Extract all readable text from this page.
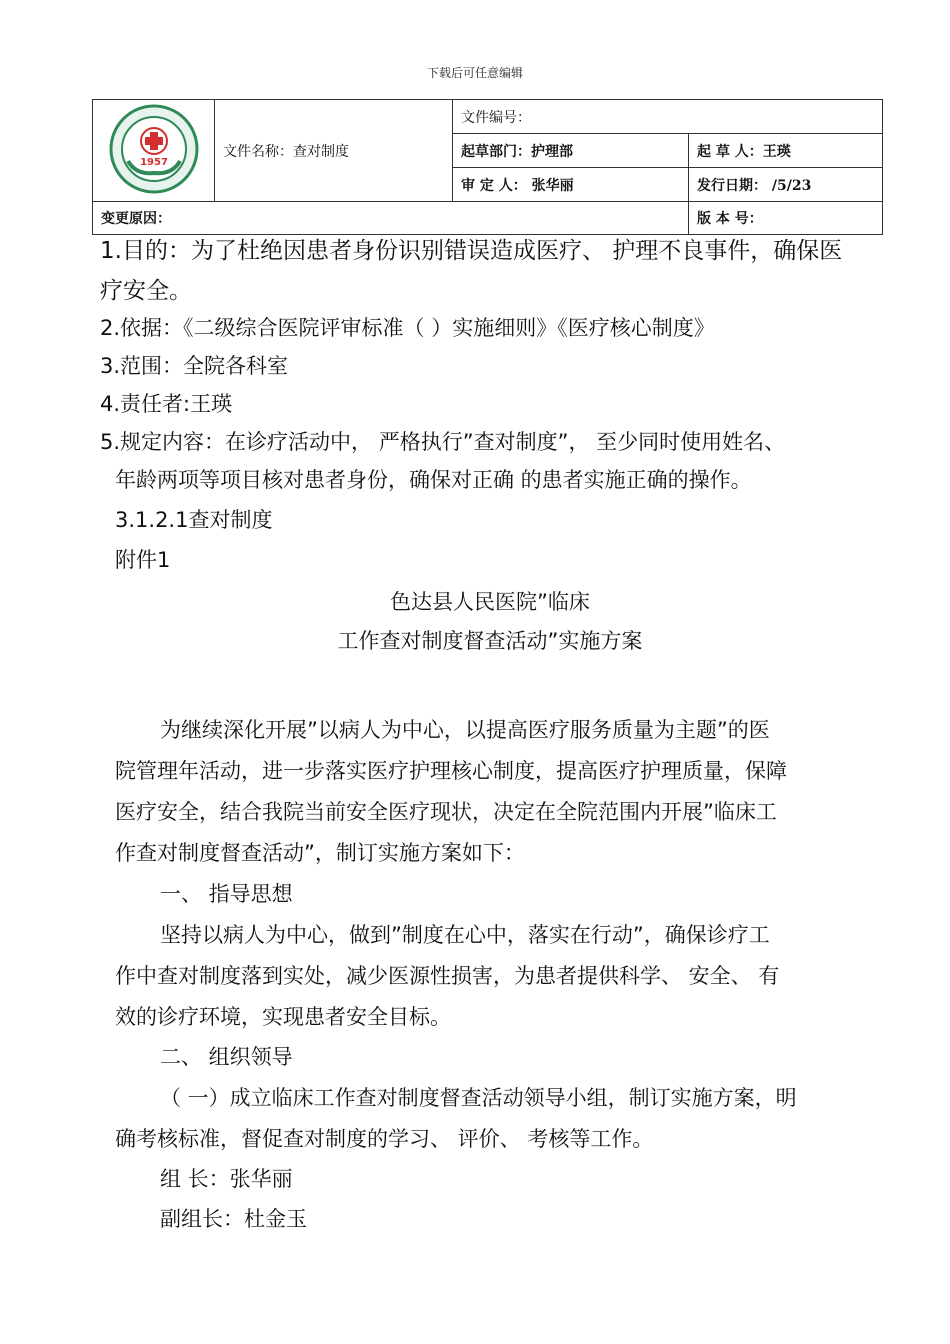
下载后可任意编辑
1957	文件名称：查对制度	文件编号：	
		起草部门：护理部	起 草 人：王瑛
		审 定 人： 张华丽	发行日期： /5/23
变更原因：			版 本 号：
1.目的：为了杜绝因患者身份识别错误造成医疗、 护理不良事件，确保医
疗安全。
2.依据：《二级综合医院评审标准（ ）实施细则》《医疗核心制度》
3.范围：全院各科室
4.责任者:王瑛
5.规定内容：在诊疗活动中， 严格执行”查对制度”， 至少同时使用姓名、
年龄两项等项目核对患者身份，确保对正确 的患者实施正确的操作。
3.1.2.1查对制度
附件1
色达县人民医院”临床
工作查对制度督查活动”实施方案
为继续深化开展”以病人为中心，以提高医疗服务质量为主题”的医
院管理年活动，进一步落实医疗护理核心制度，提高医疗护理质量，保障
医疗安全，结合我院当前安全医疗现状，决定在全院范围内开展”临床工
作查对制度督查活动”，制订实施方案如下：
一、 指导思想
坚持以病人为中心，做到”制度在心中，落实在行动”，确保诊疗工
作中查对制度落到实处，减少医源性损害，为患者提供科学、 安全、 有
效的诊疗环境，实现患者安全目标。
二、 组织领导
（ 一）成立临床工作查对制度督查活动领导小组，制订实施方案，明
确考核标准，督促查对制度的学习、 评价、 考核等工作。
组 长：张华丽
副组长：杜金玉
